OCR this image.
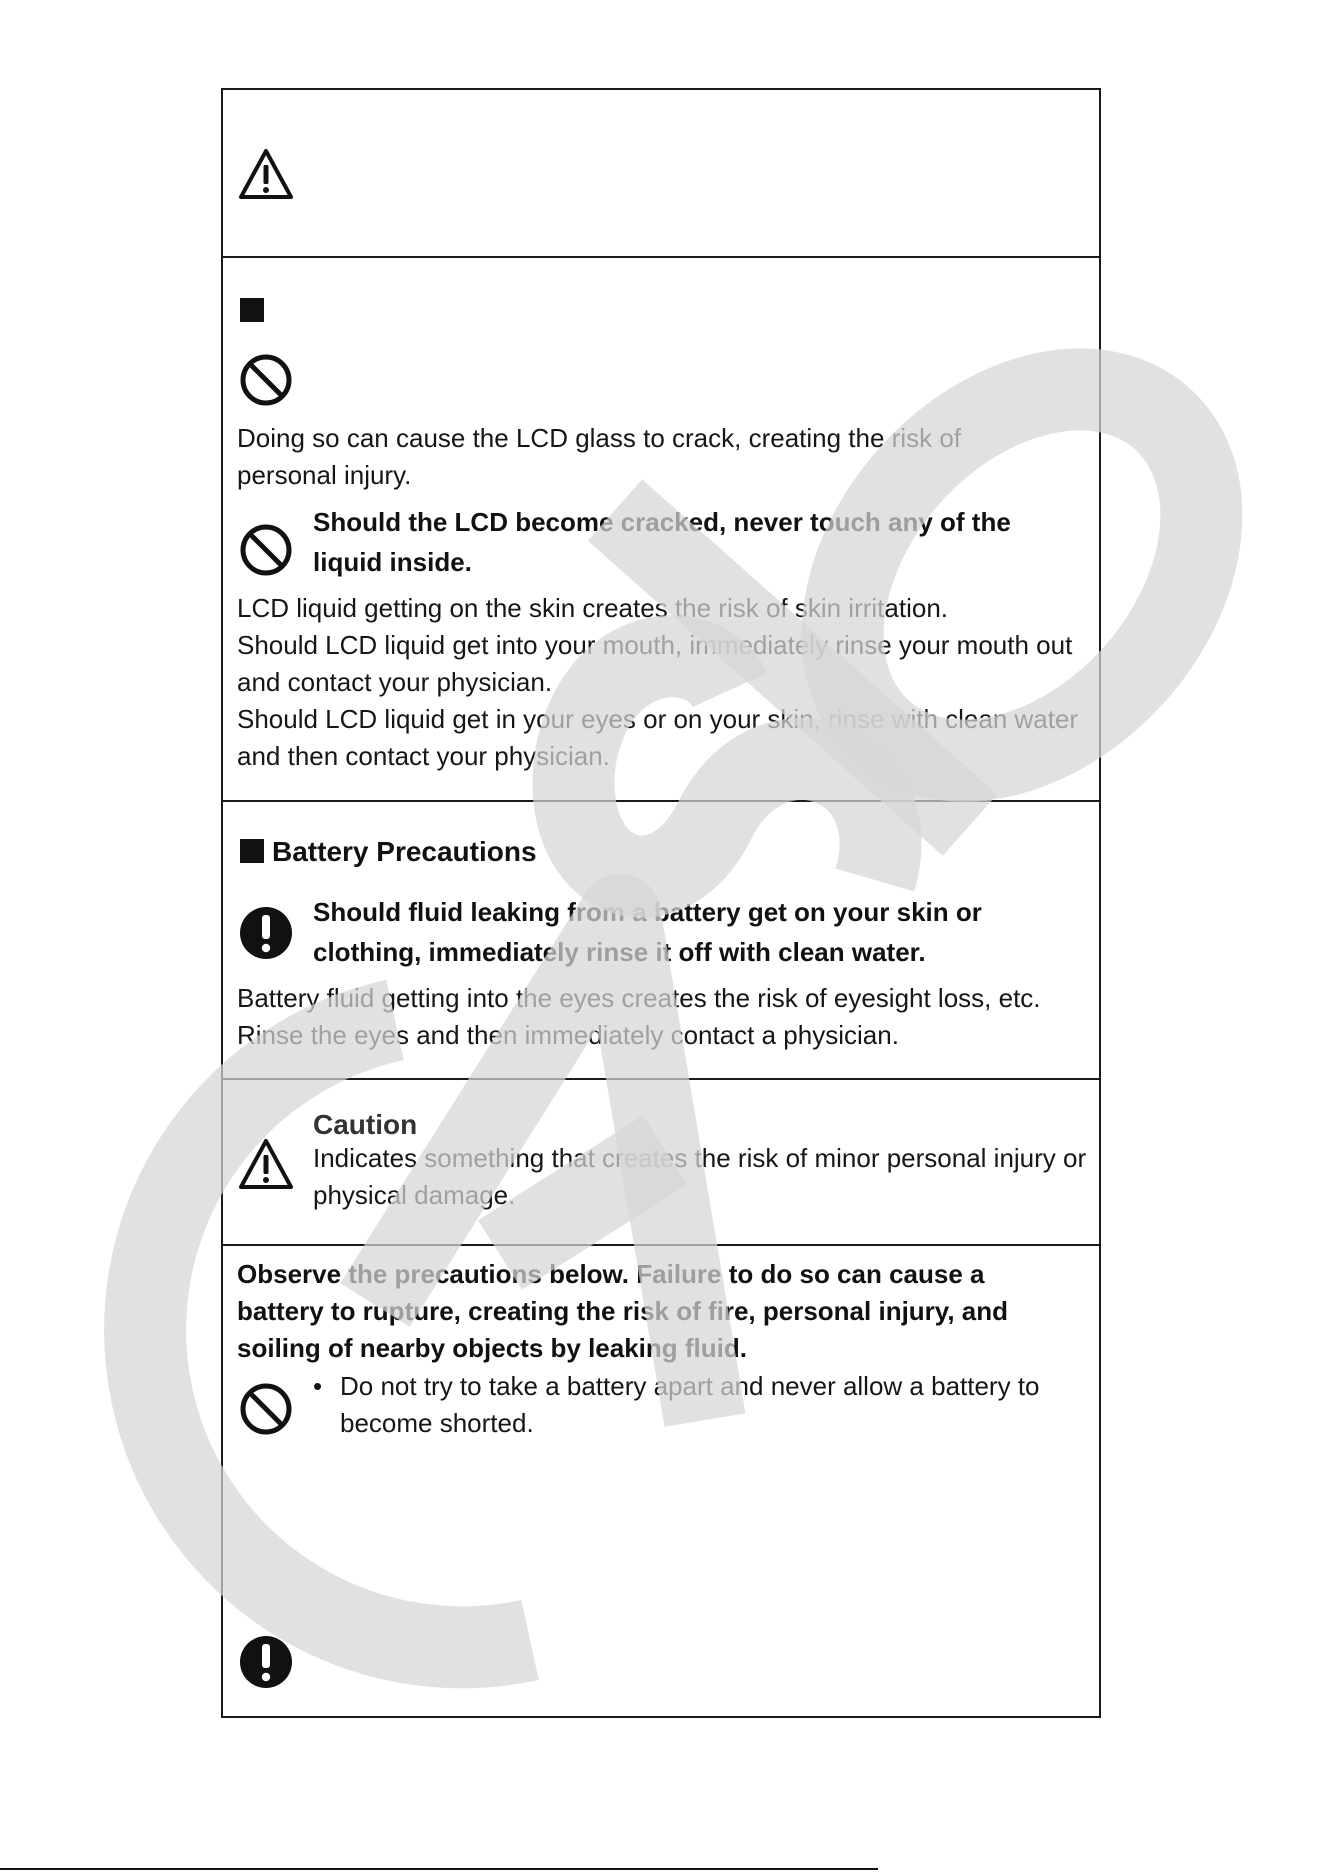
Doing so can cause the LCD glass to crack, creating the risk of personal injury.
Should the LCD become cracked, never touch any of the liquid inside.
LCD liquid getting on the skin creates the risk of skin irritation.
Should LCD liquid get into your mouth, immediately rinse your mouth out and contact your physician.
Should LCD liquid get in your eyes or on your skin, rinse with clean water and then contact your physician.
Battery Precautions
Should fluid leaking from a battery get on your skin or clothing, immediately rinse it off with clean water.
Battery fluid getting into the eyes creates the risk of eyesight loss, etc.
Rinse the eyes and then immediately contact a physician.
Caution
Indicates something that creates the risk of minor personal injury or physical damage.
Observe the precautions below. Failure to do so can cause a battery to rupture, creating the risk of fire, personal injury, and soiling of nearby objects by leaking fluid.
• Do not try to take a battery apart and never allow a battery to become shorted.
